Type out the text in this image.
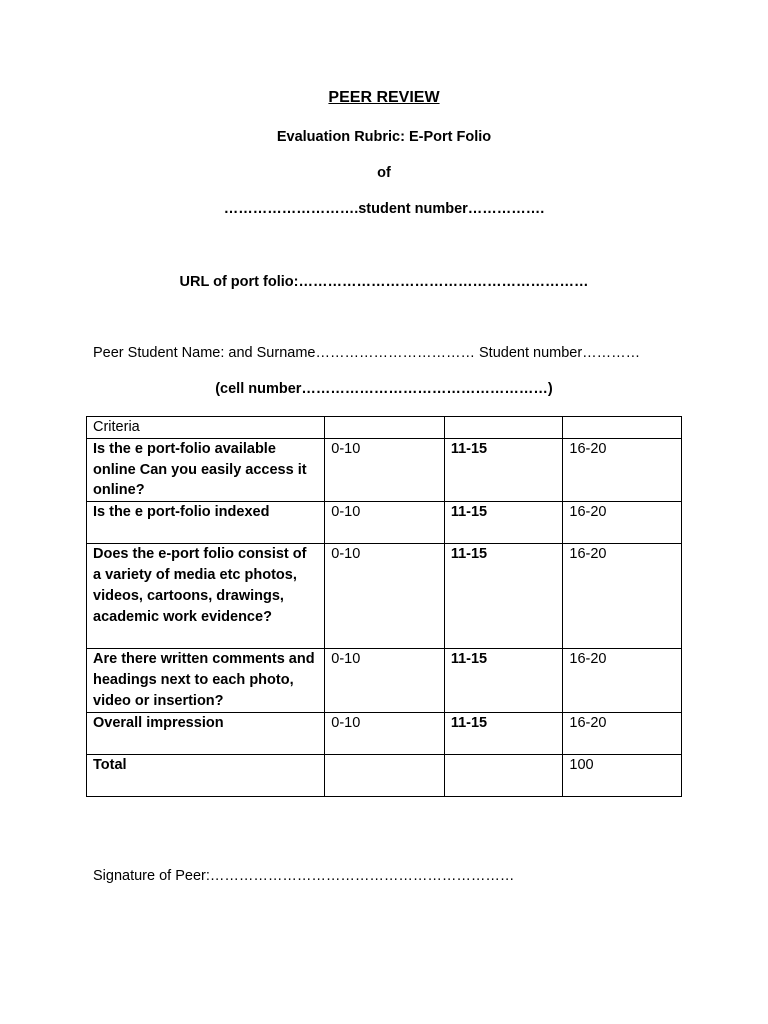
PEER REVIEW
Evaluation Rubric: E-Port Folio
of
……………………….student number…………….
URL of port folio:……………………………………………………
Peer Student Name: and Surname…………………………… Student number…………
(cell number……………………………………………)
Criteria			
Is the e port-folio available online Can you easily access it online?	0-10	11-15	16-20
Is the e port-folio indexed	0-10	11-15	16-20
Does the e-port folio consist of a variety of media etc photos, videos, cartoons, drawings, academic work evidence?	0-10	11-15	16-20
Are there written comments and headings next to each photo, video or insertion?	0-10	11-15	16-20
Overall impression	0-10	11-15	16-20
Total			100
Signature of Peer:………………………………………………………
